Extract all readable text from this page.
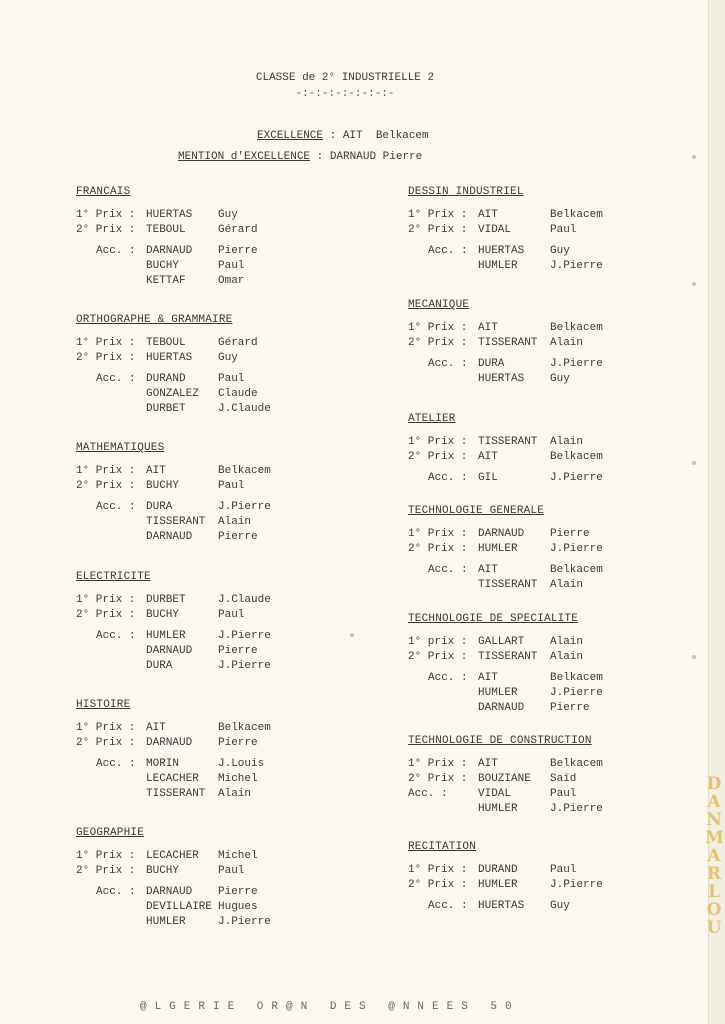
CLASSE de 2° INDUSTRIELLE 2
-:-:-:-:-:-:-:-
EXCELLENCE : AIT  Belkacem
MENTION d'EXCELLENCE : DARNAUD Pierre
FRANCAIS
1° Prix : HUERTAS Guy
2° Prix : TEBOUL	Gérard
Acc. : DARNAUD Pierre
BUCHY	Paul
KETTAF	Omar
ORTHOGRAPHE & GRAMMAIRE
1° Prix : TEBOUL	Gérard
2° Prix : HUERTAS Guy
Acc. : DURAND	Paul
GONZALEZ Claude
DURBET	J.Claude
MATHEMATIQUES
1° Prix : AIT	Belkacem
2° Prix : BUCHY	Paul
Acc. : DURA	J.Pierre
TISSERANT Alain
DARNAUD Pierre
ELECTRICITE
1° Prix : DURBET	J.Claude
2° Prix : BUCHY	Paul
Acc. : HUMLER	J.Pierre
DARNAUD Pierre
DURA	J.Pierre
HISTOIRE
1° Prix : AIT	Belkacem
2° Prix : DARNAUD Pierre
Acc. : MORIN	J.Louis
LECACHER Michel
TISSERANT Alain
GEOGRAPHIE
1° Prix : LECACHER Michel
2° Prix : BUCHY	Paul
Acc. : DARNAUD Pierre
DEVILLAIRE Hugues
HUMLER	J.Pierre
DESSIN INDUSTRIEL
1° Prix : AIT	Belkacem
2° Prix : VIDAL	Paul
Acc. : HUERTAS Guy
HUMLER	J.Pierre
MECANIQUE
1° Prix : AIT	Belkacem
2° Prix : TISSERANT Alain
Acc. : DURA	J.Pierre
HUERTAS Guy
ATELIER
1° Prix : TISSERANT Alain
2° Prix : AIT	Belkacem
Acc. : GIL	J.Pierre
TECHNOLOGIE GENERALE
1° Prix : DARNAUD Pierre
2° Prix : HUMLER	J.Pierre
Acc. : AIT	Belkacem
TISSERANT Alain
TECHNOLOGIE DE SPECIALITE
1° prix : GALLART Alain
2° Prix : TISSERANT Alain
Acc. : AIT	Belkacem
HUMLER	J.Pierre
DARNAUD Pierre
TECHNOLOGIE DE CONSTRUCTION
1° Prix : AIT	Belkacem
2° Prix : BOUZIANE Saïd
Acc. :	VIDAL	Paul
HUMLER	J.Pierre
RECITATION
1° Prix : DURAND	Paul
2° Prix : HUMLER	J.Pierre
Acc. : HUERTAS Guy
D
A
N
M
A
R
L
O
U
@LGERIE OR@N DES @NNEES 50
